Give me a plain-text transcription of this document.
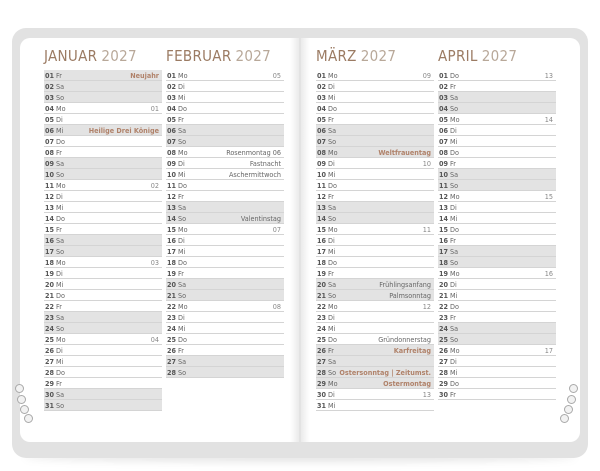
JANUAR 2027
01 Fr	Neujahr
02 Sa
03 So
04 Mo	01
05 Di
06 Mi	Heilige Drei Könige
07 Do
08 Fr
09 Sa
10 So
11 Mo	02
12 Di
13 Mi
14 Do
15 Fr
16 Sa
17 So
18 Mo	03
19 Di
20 Mi
21 Do
22 Fr
23 Sa
24 So
25 Mo	04
26 Di
27 Mi
28 Do
29 Fr
30 Sa
31 So
FEBRUAR 2027
01 Mo	05
02 Di
03 Mi
04 Do
05 Fr
06 Sa
07 So
08 Mo	Rosenmontag 06
09 Di	Fastnacht
10 Mi	Aschermittwoch
11 Do
12 Fr
13 Sa
14 So	Valentinstag
15 Mo	07
16 Di
17 Mi
18 Do
19 Fr
20 Sa
21 So
22 Mo	08
23 Di
24 Mi
25 Do
26 Fr
27 Sa
28 So
MÄRZ 2027
01 Mo	09
02 Di
03 Mi
04 Do
05 Fr
06 Sa
07 So
08 Mo	Weltfrauentag
09 Di	10
10 Mi
11 Do
12 Fr
13 Sa
14 So
15 Mo	11
16 Di
17 Mi
18 Do
19 Fr
20 Sa	Frühlingsanfang
21 So	Palmsonntag
22 Mo	12
23 Di
24 Mi
25 Do	Gründonnerstag
26 Fr	Karfreitag
27 Sa
28 So Ostersonntag | Zeitumst.
29 Mo	Ostermontag
30 Di	13
31 Mi
APRIL 2027
01 Do	13
02 Fr
03 Sa
04 So
05 Mo	14
06 Di
07 Mi
08 Do
09 Fr
10 Sa
11 So
12 Mo	15
13 Di
14 Mi
15 Do
16 Fr
17 Sa
18 So
19 Mo	16
20 Di
21 Mi
22 Do
23 Fr
24 Sa
25 So
26 Mo	17
27 Di
28 Mi
29 Do
30 Fr
